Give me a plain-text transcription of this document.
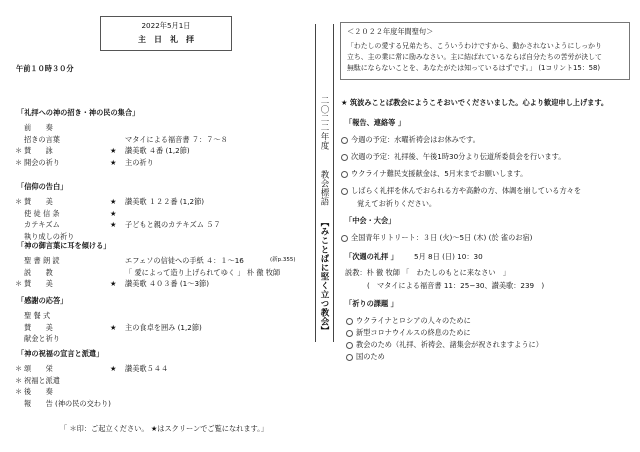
2022年5月1日
主　日　礼　拝
午前１０時３０分
「礼拝への神の招き・神の民の集合」
前　　奏
招きの言葉	マタイによる福音書 ７：７～８
＊ 賛　　詠	★ 讃美歌 ４番 (1,2節)
＊ 開会の祈り	★ 主の祈り
「信仰の告白」
＊ 賛　　美	★ 讃美歌 １２２番 (1,2節)
使 徒 信 条	★
カテキズム	★ 子どもと親のカテキズム ５７
執り成しの祈り
「神の御言葉に耳を傾ける」
聖 書 朗 読	エフェソの信徒への手紙 ４：１～16	(新p.355)
説　　教	「 愛によって造り上げられてゆく 」 朴 徹 牧師
＊ 賛　　美	★ 讃美歌 ４０３番 (1～3節)
「感謝の応答」
聖 餐 式
賛　　美	★ 主の食卓を囲み (1,2節)
献金と祈り
「神の祝福の宣言と派遣」
＊ 頌　　栄	★ 讃美歌５４４
＊ 祝福と派遣
＊ 後　　奏
報　　告 (神の民の交わり)
「 ＊印：ご起立ください。 ★はスクリーンでご覧になれます。」
二〇二二年度
教会標語
【みことばに堅く立つ教会】
＜２０２２年度年間聖句＞
「わたしの愛する兄弟たち、こういうわけですから、動かされないようにしっかり
立ち、主の業に常に励みなさい。主に結ばれているならば自分たちの苦労が決して
無駄にならないことを、あなたがたは知っているはずです。」 (1コリント15：58)
★ 筑波みことば教会にようこそおいでくださいました。心より歓迎申し上げます。
「報告、連絡等 」
今週の予定：水曜祈祷会はお休みです。
次週の予定：礼拝後、午後1時30分より伝道所委員会を行います。
ウクライナ難民支援献金は、5月末までお願いします。
しばらく礼拝を休んでおられる方や高齢の方、体調を崩している方々を
覚えてお祈りください。
「中会・大会」
全国青年リトリート：３日 (火)～5日 (木) (於 雀のお宿)
「次週の礼拝 」 5月 8日 (日) 10：30
説教：朴 徹 牧師 「　わたしのもとに来なさい　」
(　マタイによる福音書 11：25−30、讃美歌：239　)
「祈りの課題 」
ウクライナとロシアの人々のために
新型コロナウイルスの終息のために
教会のため（礼拝、祈祷会、諸集会が祝されますように）
国のため
